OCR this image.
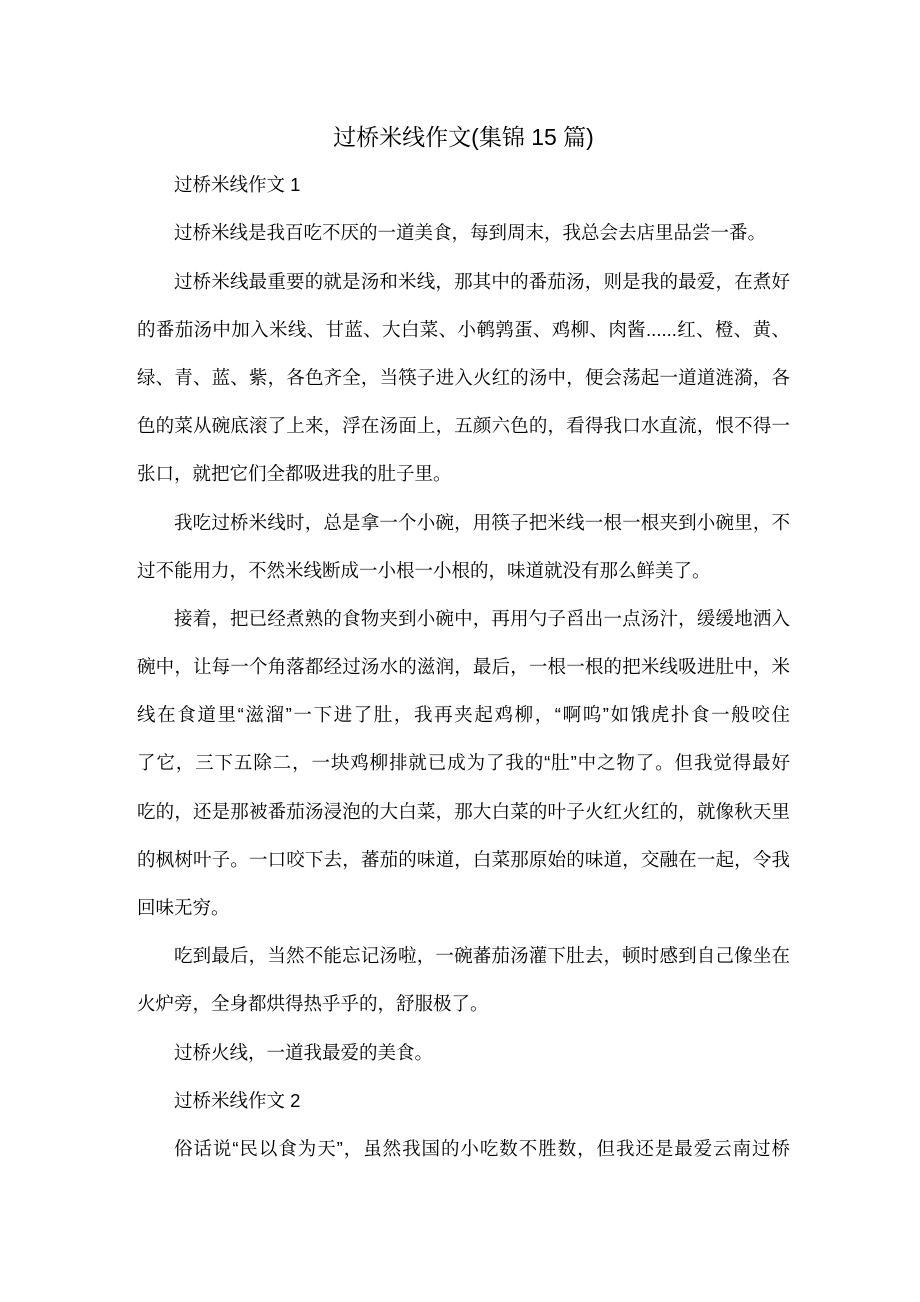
过桥米线作文(集锦 15 篇)
过桥米线作文 1
过桥米线是我百吃不厌的一道美食，每到周末，我总会去店里品尝一番。
过桥米线最重要的就是汤和米线，那其中的番茄汤，则是我的最爱，在煮好
的番茄汤中加入米线、甘蓝、大白菜、小鹌鹑蛋、鸡柳、肉酱......红、橙、黄、
绿、青、蓝、紫，各色齐全，当筷子进入火红的汤中，便会荡起一道道涟漪，各
色的菜从碗底滚了上来，浮在汤面上，五颜六色的，看得我口水直流，恨不得一
张口，就把它们全都吸进我的肚子里。
我吃过桥米线时，总是拿一个小碗，用筷子把米线一根一根夹到小碗里，不
过不能用力，不然米线断成一小根一小根的，味道就没有那么鲜美了。
接着，把已经煮熟的食物夹到小碗中，再用勺子舀出一点汤汁，缓缓地洒入
碗中，让每一个角落都经过汤水的滋润，最后，一根一根的把米线吸进肚中，米
线在食道里“滋溜”一下进了肚，我再夹起鸡柳，“啊呜”如饿虎扑食一般咬住
了它，三下五除二，一块鸡柳排就已成为了我的“肚”中之物了。但我觉得最好
吃的，还是那被番茄汤浸泡的大白菜，那大白菜的叶子火红火红的，就像秋天里
的枫树叶子。一口咬下去，蕃茄的味道，白菜那原始的味道，交融在一起，令我
回味无穷。
吃到最后，当然不能忘记汤啦，一碗蕃茄汤灌下肚去，顿时感到自己像坐在
火炉旁，全身都烘得热乎乎的，舒服极了。
过桥火线，一道我最爱的美食。
过桥米线作文 2
俗话说“民以食为天”，虽然我国的小吃数不胜数，但我还是最爱云南过桥
